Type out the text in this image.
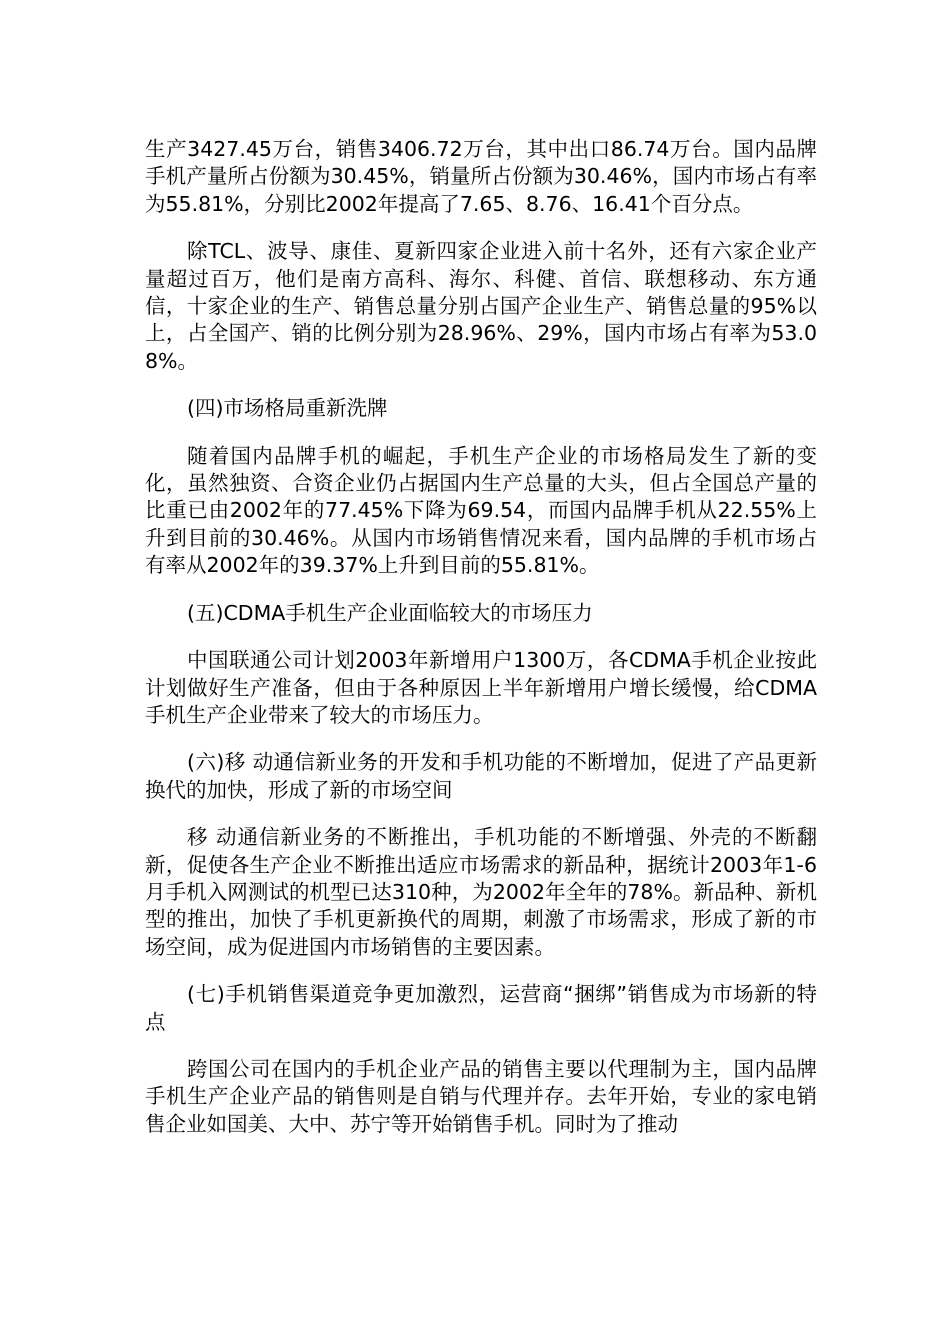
生产3427.45万台，销售3406.72万台，其中出口86.74万台。国内品牌手机产量所占份额为30.45%，销量所占份额为30.46%，国内市场占有率为55.81%，分别比2002年提高了7.65、8.76、16.41个百分点。

除TCL、波导、康佳、夏新四家企业进入前十名外，还有六家企业产量超过百万，他们是南方高科、海尔、科健、首信、联想移动、东方通信，十家企业的生产、销售总量分别占国产企业生产、销售总量的95%以上，占全国产、销的比例分别为28.96%、29%，国内市场占有率为53.08%。

(四)市场格局重新洗牌

随着国内品牌手机的崛起，手机生产企业的市场格局发生了新的变化，虽然独资、合资企业仍占据国内生产总量的大头，但占全国总产量的比重已由2002年的77.45%下降为69.54，而国内品牌手机从22.55%上升到目前的30.46%。从国内市场销售情况来看，国内品牌的手机市场占有率从2002年的39.37%上升到目前的55.81%。

(五)CDMA手机生产企业面临较大的市场压力

中国联通公司计划2003年新增用户1300万，各CDMA手机企业按此计划做好生产准备，但由于各种原因上半年新增用户增长缓慢，给CDMA手机生产企业带来了较大的市场压力。

(六)移 动通信新业务的开发和手机功能的不断增加，促进了产品更新换代的加快，形成了新的市场空间

移 动通信新业务的不断推出，手机功能的不断增强、外壳的不断翻新，促使各生产企业不断推出适应市场需求的新品种，据统计2003年1-6月手机入网测试的机型已达310种，为2002年全年的78%。新品种、新机型的推出，加快了手机更新换代的周期，刺激了市场需求，形成了新的市场空间，成为促进国内市场销售的主要因素。

(七)手机销售渠道竞争更加激烈，运营商“捆绑”销售成为市场新的特点

跨国公司在国内的手机企业产品的销售主要以代理制为主，国内品牌手机生产企业产品的销售则是自销与代理并存。去年开始，专业的家电销售企业如国美、大中、苏宁等开始销售手机。同时为了推动
